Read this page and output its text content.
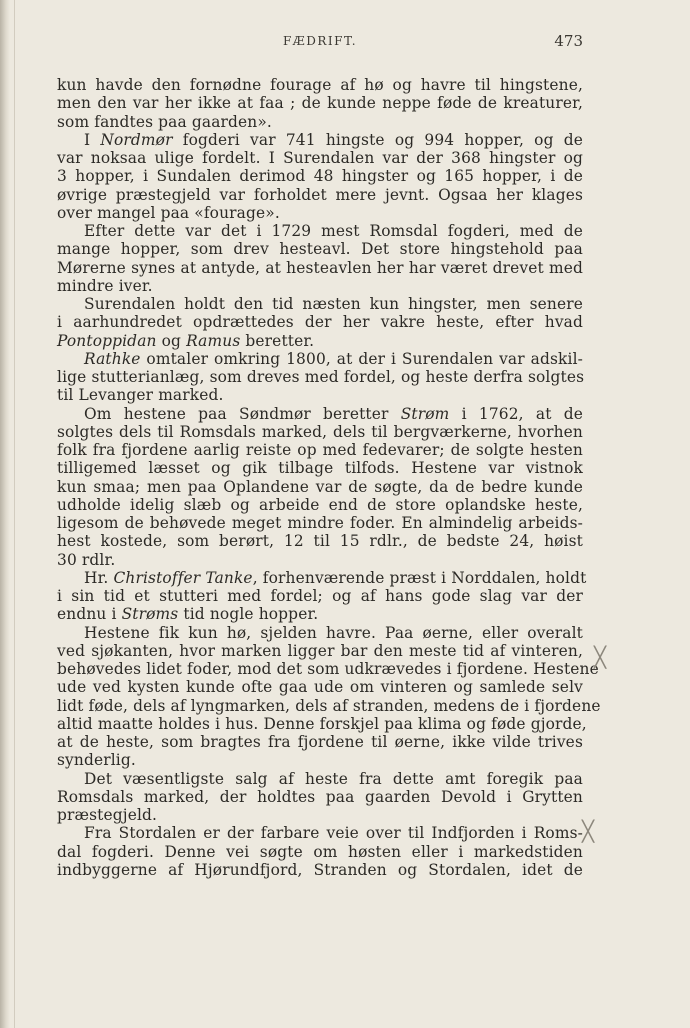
FÆDRIFT.	473
kun havde den fornødne fourage af hø og havre til hingstene,
men den var her ikke at faa ; de kunde neppe føde de kreaturer,
som fandtes paa gaarden».
I Nordmør fogderi var 741 hingste og 994 hopper, og de
var noksaa ulige fordelt. I Surendalen var der 368 hingster og
3 hopper, i Sundalen derimod 48 hingster og 165 hopper, i de
øvrige præstegjeld var forholdet mere jevnt. Ogsaa her klages
over mangel paa «fourage».
Efter dette var det i 1729 mest Romsdal fogderi, med de
mange hopper, som drev hesteavl. Det store hingstehold paa
Mørerne synes at antyde, at hesteavlen her har været drevet med
mindre iver.
Surendalen holdt den tid næsten kun hingster, men senere
i aarhundredet opdrættedes der her vakre heste, efter hvad
Pontoppidan og Ramus beretter.
Rathke omtaler omkring 1800, at der i Surendalen var adskil-
lige stutterianlæg, som dreves med fordel, og heste derfra solgtes
til Levanger marked.
Om hestene paa Søndmør beretter Strøm i 1762, at de
solgtes dels til Romsdals marked, dels til bergværkerne, hvorhen
folk fra fjordene aarlig reiste op med fedevarer; de solgte hesten
tilligemed læsset og gik tilbage tilfods. Hestene var vistnok
kun smaa; men paa Oplandene var de søgte, da de bedre kunde
udholde idelig slæb og arbeide end de store oplandske heste,
ligesom de behøvede meget mindre foder. En almindelig arbeids-
hest kostede, som berørt, 12 til 15 rdlr., de bedste 24, høist
30 rdlr.
Hr. Christoffer Tanke, forhenværende præst i Norddalen, holdt
i sin tid et stutteri med fordel; og af hans gode slag var der
endnu i Strøms tid nogle hopper.
Hestene fik kun hø, sjelden havre. Paa øerne, eller overalt
ved sjøkanten, hvor marken ligger bar den meste tid af vinteren,
behøvedes lidet foder, mod det som udkrævedes i fjordene. Hestene
ude ved kysten kunde ofte gaa ude om vinteren og samlede selv
lidt føde, dels af lyngmarken, dels af stranden, medens de i fjordene
altid maatte holdes i hus. Denne forskjel paa klima og føde gjorde,
at de heste, som bragtes fra fjordene til øerne, ikke vilde trives
synderlig.
Det væsentligste salg af heste fra dette amt foregik paa
Romsdals marked, der holdtes paa gaarden Devold i Grytten
præstegjeld.
Fra Stordalen er der farbare veie over til Indfjorden i Roms-
dal fogderi. Denne vei søgte om høsten eller i markedstiden
indbyggerne af Hjørundfjord, Stranden og Stordalen, idet de
╳
╳
